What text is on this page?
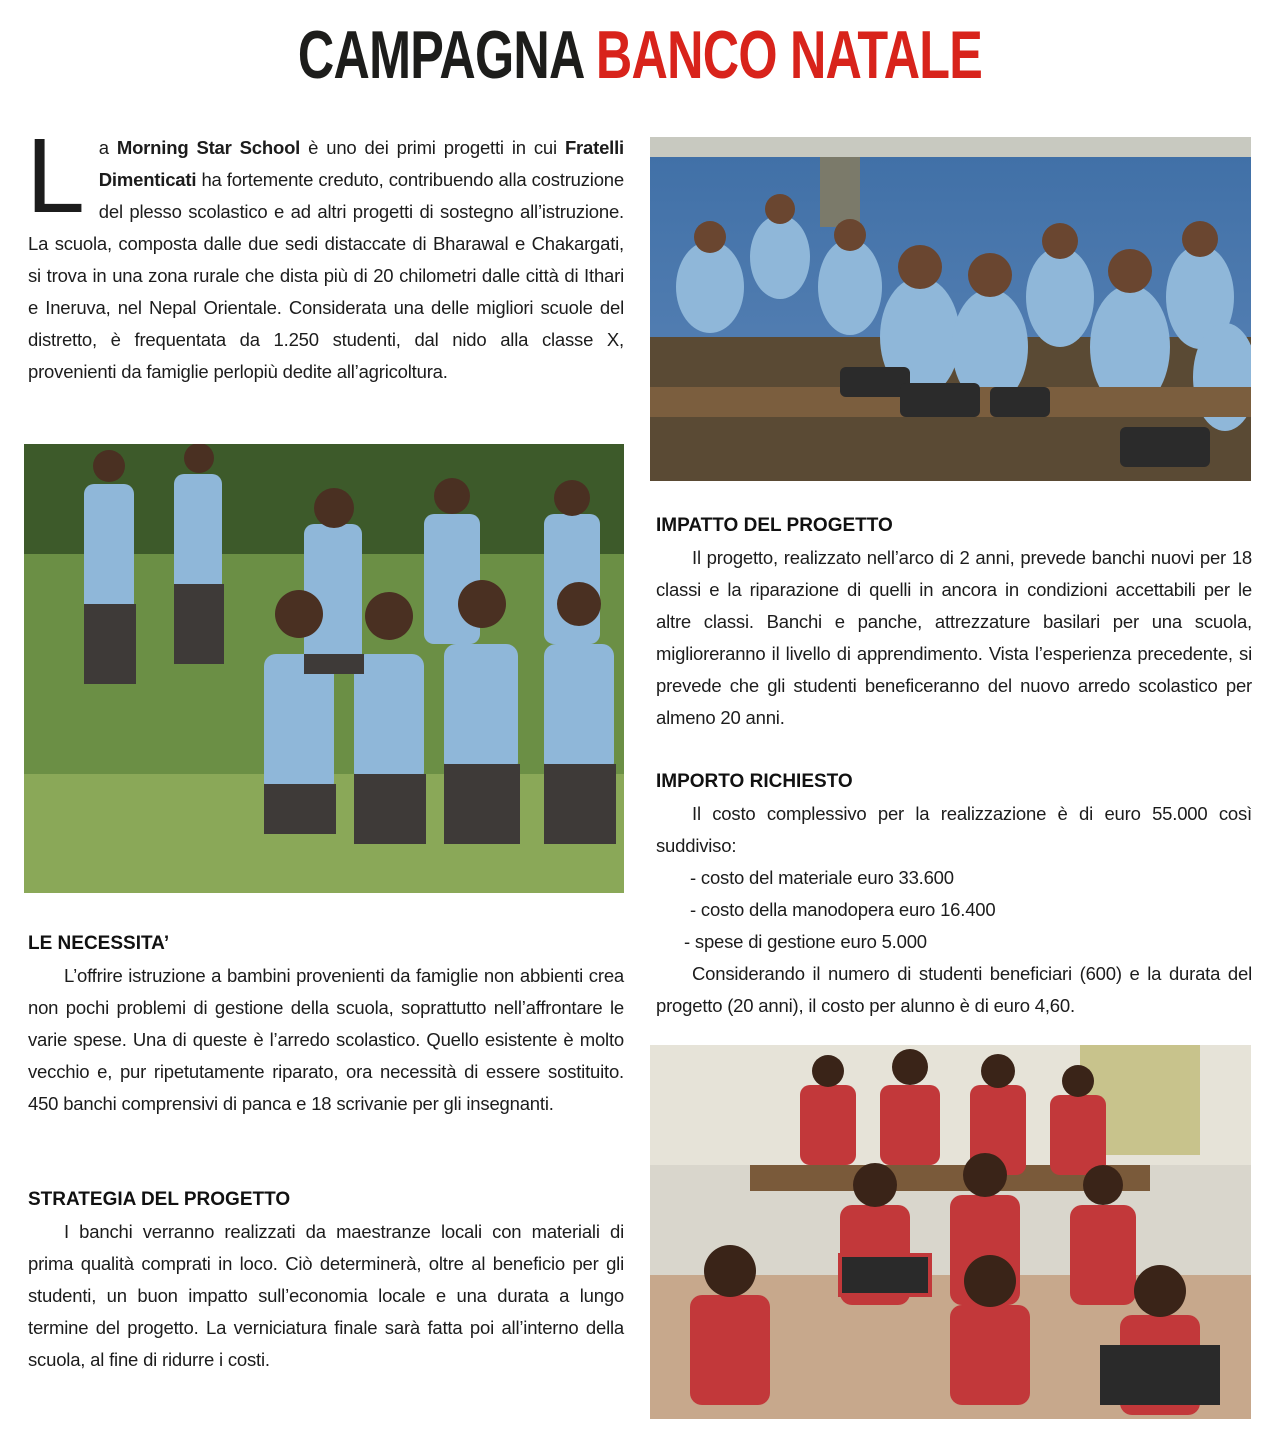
CAMPAGNA BANCO NATALE
L a Morning Star School è uno dei primi progetti in cui Fratelli Dimenticati ha fortemente creduto, contribuendo alla costruzione del plesso scolastico e ad altri progetti di sostegno all’istruzione. La scuola, composta dalle due sedi distaccate di Bharawal e Chakargati, si trova in una zona rurale che dista più di 20 chilometri dalle città di Ithari e Ineruva, nel Nepal Orientale. Considerata una delle migliori scuole del distretto, è frequentata da 1.250 studenti, dal nido alla classe X, provenienti da famiglie perlopiù dedite all’agricoltura.

IMPATTO DEL PROGETTO

Il progetto, realizzato nell’arco di 2 anni, prevede banchi nuovi per 18 classi e la riparazione di quelli in ancora in condizioni accettabili per le altre classi. Banchi e panche, attrezzature basilari per una scuola, miglioreranno il livello di apprendimento. Vista l’esperienza precedente, si prevede che gli studenti beneficeranno del nuovo arredo scolastico per almeno 20 anni.

IMPORTO RICHIESTO

Il costo complessivo per la realizzazione è di euro 55.000 così suddiviso:

- costo del materiale euro 33.600
- costo della manodopera euro 16.400
- spese di gestione euro 5.000

Considerando il numero di studenti beneficiari (600) e la durata del progetto (20 anni), il costo per alunno è di euro 4,60.

LE NECESSITA’

L’offrire istruzione a bambini provenienti da famiglie non abbienti crea non pochi problemi di gestione della scuola, soprattutto nell’affrontare le varie spese. Una di queste è l’arredo scolastico. Quello esistente è molto vecchio e, pur ripetutamente riparato, ora necessità di essere sostituito. 450 banchi comprensivi di panca e 18 scrivanie per gli insegnanti.

STRATEGIA DEL PROGETTO

I banchi verranno realizzati da maestranze locali con materiali di prima qualità comprati in loco. Ciò determinerà, oltre al beneficio per gli studenti, un buon impatto sull’economia locale e una durata a lungo termine del progetto. La verniciatura finale sarà fatta poi all’interno della scuola, al fine di ridurre i costi.
